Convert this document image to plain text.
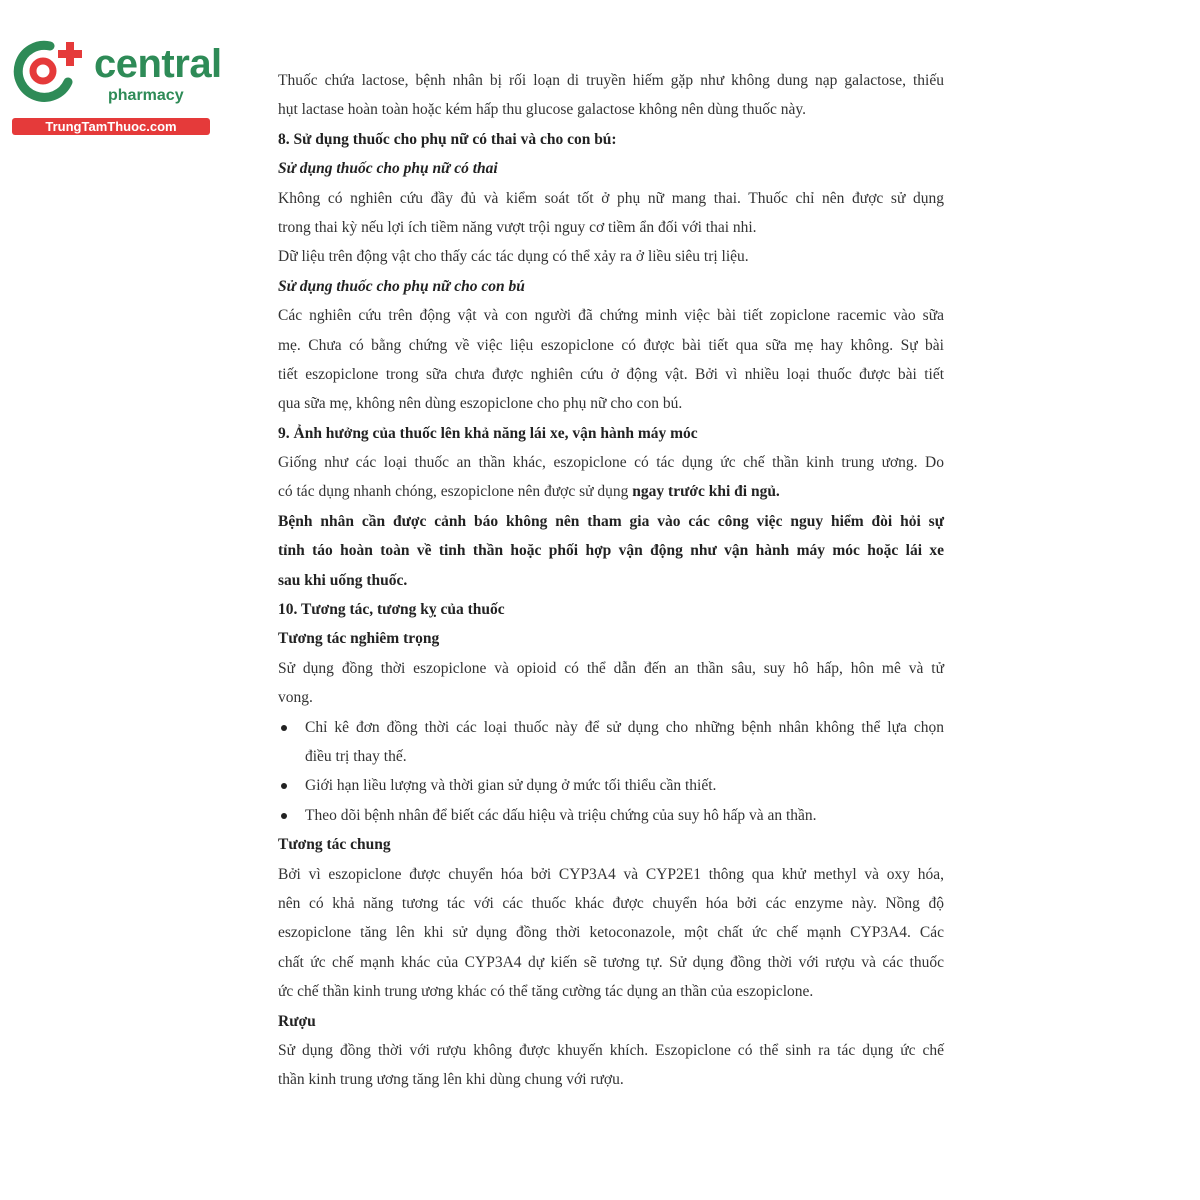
central
pharmacy
TrungTamThuoc.com
Thuốc chứa lactose, bệnh nhân bị rối loạn di truyền hiếm gặp như không dung nạp galactose, thiếu
hụt lactase hoàn toàn hoặc kém hấp thu glucose galactose không nên dùng thuốc này.
8. Sử dụng thuốc cho phụ nữ có thai và cho con bú:
Sử dụng thuốc cho phụ nữ có thai
Không có nghiên cứu đầy đủ và kiểm soát tốt ở phụ nữ mang thai. Thuốc chỉ nên được sử dụng
trong thai kỳ nếu lợi ích tiềm năng vượt trội nguy cơ tiềm ẩn đối với thai nhi.
Dữ liệu trên động vật cho thấy các tác dụng có thể xảy ra ở liều siêu trị liệu.
Sử dụng thuốc cho phụ nữ cho con bú
Các nghiên cứu trên động vật và con người đã chứng minh việc bài tiết zopiclone racemic vào sữa
mẹ. Chưa có bằng chứng về việc liệu eszopiclone có được bài tiết qua sữa mẹ hay không. Sự bài
tiết eszopiclone trong sữa chưa được nghiên cứu ở động vật. Bởi vì nhiều loại thuốc được bài tiết
qua sữa mẹ, không nên dùng eszopiclone cho phụ nữ cho con bú.
9. Ảnh hưởng của thuốc lên khả năng lái xe, vận hành máy móc
Giống như các loại thuốc an thần khác, eszopiclone có tác dụng ức chế thần kinh trung ương. Do
có tác dụng nhanh chóng, eszopiclone nên được sử dụng ngay trước khi đi ngủ.
Bệnh nhân cần được cảnh báo không nên tham gia vào các công việc nguy hiểm đòi hỏi sự
tỉnh táo hoàn toàn về tinh thần hoặc phối hợp vận động như vận hành máy móc hoặc lái xe
sau khi uống thuốc.
10. Tương tác, tương kỵ của thuốc
Tương tác nghiêm trọng
Sử dụng đồng thời eszopiclone và opioid có thể dẫn đến an thần sâu, suy hô hấp, hôn mê và tử
vong.
Chỉ kê đơn đồng thời các loại thuốc này để sử dụng cho những bệnh nhân không thể lựa chọn
điều trị thay thế.
Giới hạn liều lượng và thời gian sử dụng ở mức tối thiểu cần thiết.
Theo dõi bệnh nhân để biết các dấu hiệu và triệu chứng của suy hô hấp và an thần.
Tương tác chung
Bởi vì eszopiclone được chuyển hóa bởi CYP3A4 và CYP2E1 thông qua khử methyl và oxy hóa,
nên có khả năng tương tác với các thuốc khác được chuyển hóa bởi các enzyme này. Nồng độ
eszopiclone tăng lên khi sử dụng đồng thời ketoconazole, một chất ức chế mạnh CYP3A4. Các
chất ức chế mạnh khác của CYP3A4 dự kiến sẽ tương tự. Sử dụng đồng thời với rượu và các thuốc
ức chế thần kinh trung ương khác có thể tăng cường tác dụng an thần của eszopiclone.
Rượu
Sử dụng đồng thời với rượu không được khuyến khích. Eszopiclone có thể sinh ra tác dụng ức chế
thần kinh trung ương tăng lên khi dùng chung với rượu.
